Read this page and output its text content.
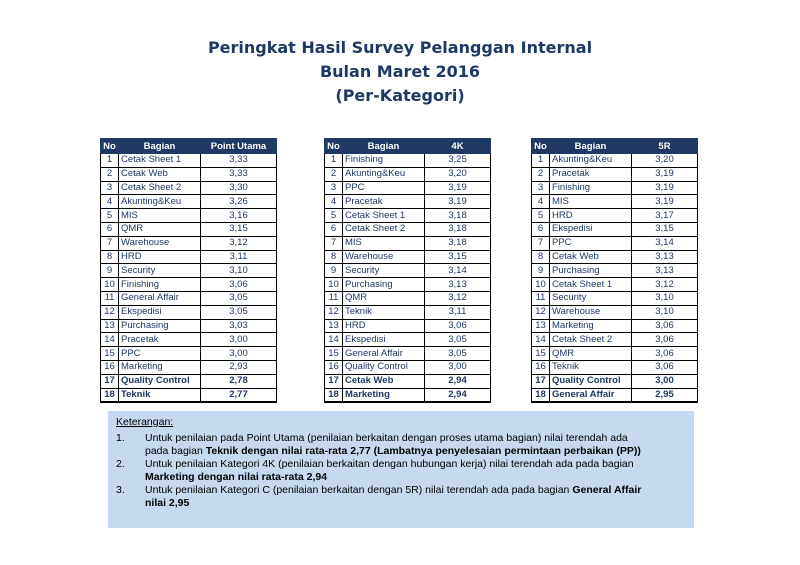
Peringkat Hasil Survey Pelanggan Internal
Bulan Maret 2016
(Per-Kategori)
No	Bagian	Point Utama
1	Cetak Sheet 1	3,33
2	Cetak Web	3,33
3	Cetak Sheet 2	3,30
4	Akunting&Keu	3,26
5	MIS	3,16
6	QMR	3,15
7	Warehouse	3,12
8	HRD	3,11
9	Security	3,10
10	Finishing	3,06
11	General Affair	3,05
12	Ekspedisi	3,05
13	Purchasing	3,03
14	Pracetak	3,00
15	PPC	3,00
16	Marketing	2,93
17	Quality Control	2,78
18	Teknik	2,77
No	Bagian	4K
1	Finishing	3,25
2	Akunting&Keu	3,20
3	PPC	3,19
4	Pracetak	3,19
5	Cetak Sheet 1	3,18
6	Cetak Sheet 2	3,18
7	MIS	3,18
8	Warehouse	3,15
9	Security	3,14
10	Purchasing	3,13
11	QMR	3,12
12	Teknik	3,11
13	HRD	3,06
14	Ekspedisi	3,05
15	General Affair	3,05
16	Quality Control	3,00
17	Cetak Web	2,94
18	Marketing	2,94
No	Bagian	5R
1	Akunting&Keu	3,20
2	Pracetak	3,19
3	Finishing	3,19
4	MIS	3,19
5	HRD	3,17
6	Ekspedisi	3,15
7	PPC	3,14
8	Cetak Web	3,13
9	Purchasing	3,13
10	Cetak Sheet 1	3,12
11	Security	3,10
12	Warehouse	3,10
13	Marketing	3,06
14	Cetak Sheet 2	3,06
15	QMR	3,06
16	Teknik	3,06
17	Quality Control	3,00
18	General Affair	2,95
Keterangan:
1. Untuk penilaian pada Point Utama (penilaian berkaitan dengan proses utama bagian) nilai terendah ada
pada bagian Teknik dengan nilai rata-rata 2,77 (Lambatnya penyelesaian permintaan perbaikan (PP))
2. Untuk penilaian Kategori 4K (penilaian berkaitan dengan hubungan kerja) nilai terendah ada pada bagian
Marketing dengan nilai rata-rata 2,94
3. Untuk penilaian Kategori C (penilaian berkaitan dengan 5R) nilai terendah ada pada bagian General Affair
nilai 2,95
